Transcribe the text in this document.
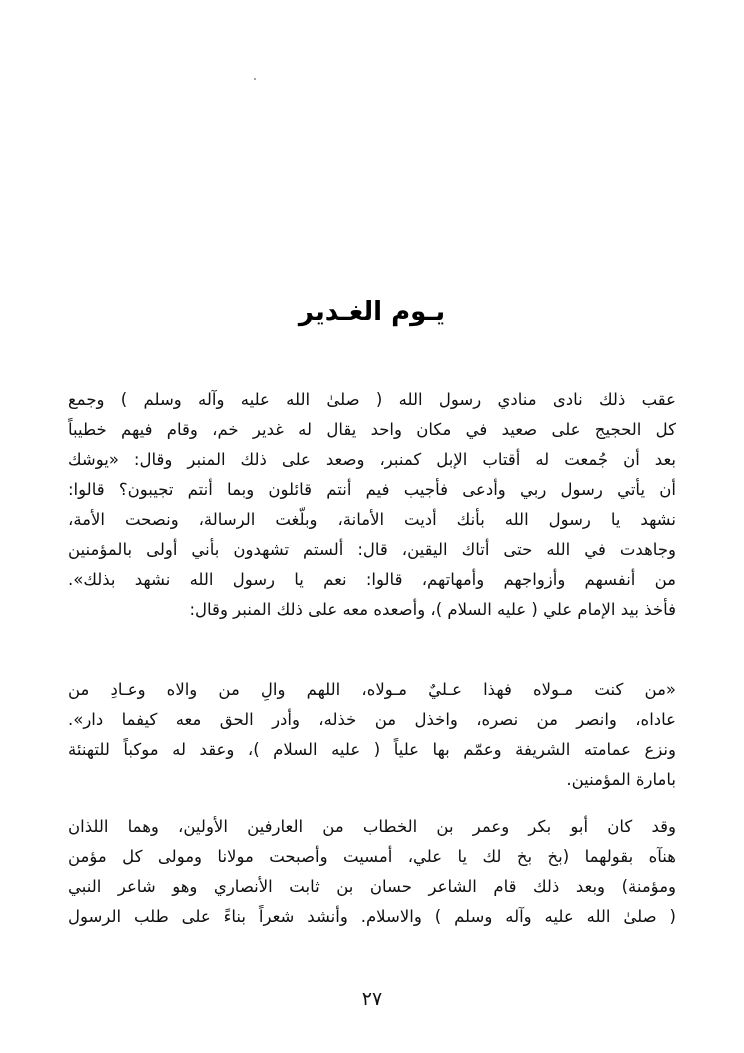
يـوم الغـدير
عقب ذلك نادى منادي رسول الله ( صلىٰ الله عليه وآله وسلم ) وجمع
كل الحجيج على صعيد في مكان واحد يقال له غدير خم، وقام فيهم خطيباً
بعد أن جُمعت له أقتاب الإبل كمنبر، وصعد على ذلك المنبر وقال: «يوشك
أن يأتي رسول ربي وأدعى فأجيب فيم أنتم قائلون وبما أنتم تجيبون؟ قالوا:
نشهد يا رسول الله بأنك أديت الأمانة، وبلّغت الرسالة، ونصحت الأمة،
وجاهدت في الله حتى أتاك اليقين، قال: ألستم تشهدون بأني أولى بالمؤمنين
من أنفسهم وأزواجهم وأمهاتهم، قالوا: نعم يا رسول الله نشهد بذلك».
فأخذ بيد الإمام علي ( عليه السلام )، وأصعده معه على ذلك المنبر وقال:
«من كنت مـولاه فهذا عـليٌ مـولاه، اللهم والِ من والاه وعـادِ من
عاداه، وانصر من نصره، واخذل من خذله، وأدر الحق معه كيفما دار».
ونزع عمامته الشريفة وعمّم بها علياً ( عليه السلام )، وعقد له موكباً للتهنئة
بامارة المؤمنين.
وقد كان أبو بكر وعمر بن الخطاب من العارفين الأولين، وهما اللذان
هنآه بقولهما (بخ بخ لك يا علي، أمسيت وأصبحت مولانا ومولى كل مؤمن
ومؤمنة) وبعد ذلك قام الشاعر حسان بن ثابت الأنصاري وهو شاعر النبي
( صلىٰ الله عليه وآله وسلم ) والاسلام. وأنشد شعراً بناءً على طلب الرسول
٢٧
